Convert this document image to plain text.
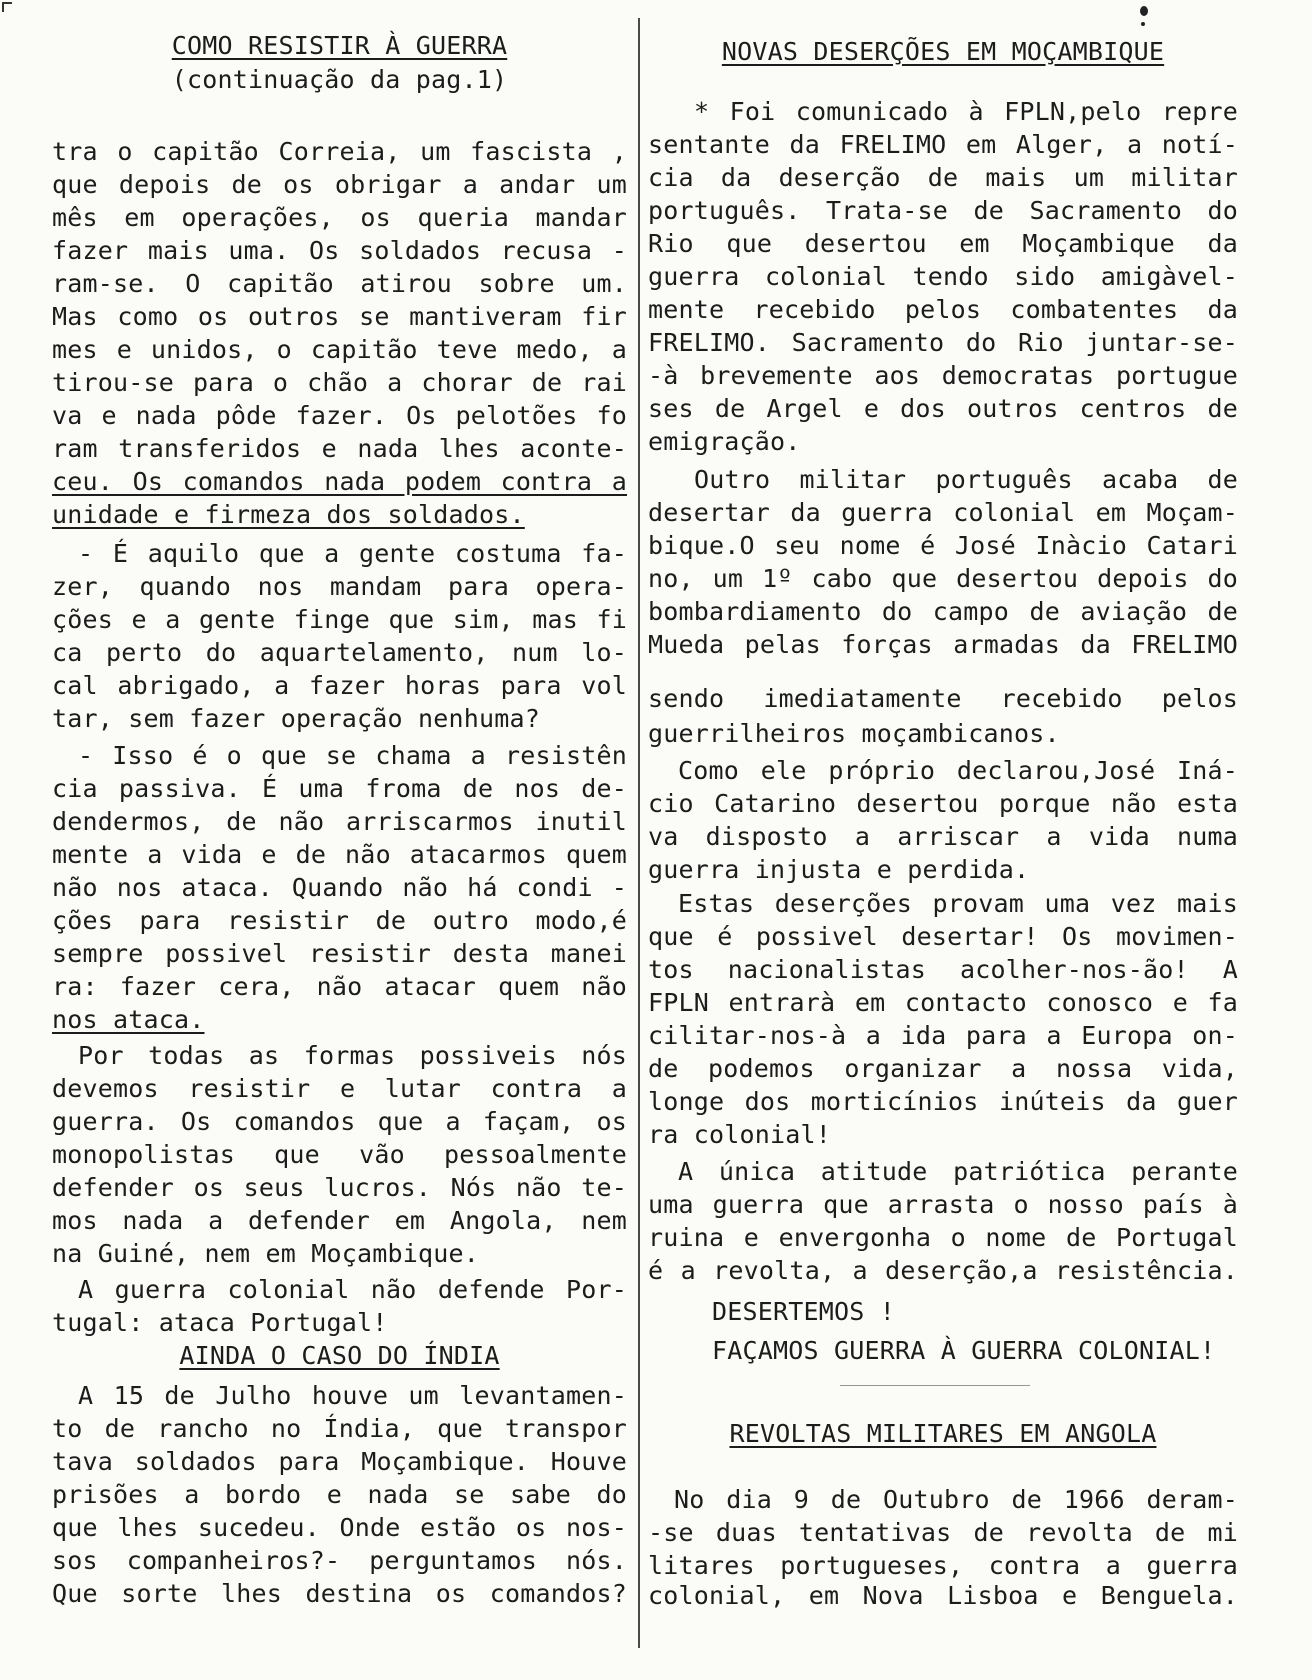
COMO RESISTIR À GUERRA
(continuação da pag.1)
tra o capitão Correia, um fascista ,
que depois de os obrigar a andar um
mês em operações, os queria mandar
fazer mais uma. Os soldados recusa -
ram-se. O capitão atirou sobre um.
Mas como os outros se mantiveram fir
mes e unidos, o capitão teve medo, a
tirou-se para o chão a chorar de rai
va e nada pôde fazer. Os pelotões fo
ram transferidos e nada lhes aconte-
ceu. Os comandos nada podem contra a
unidade e firmeza dos soldados.
- É aquilo que a gente costuma fa-
zer, quando nos mandam para opera-
ções e a gente finge que sim, mas fi
ca perto do aquartelamento, num lo-
cal abrigado, a fazer horas para vol
tar, sem fazer operação nenhuma?
- Isso é o que se chama a resistên
cia passiva. É uma froma de nos de-
dendermos, de não arriscarmos inutil
mente a vida e de não atacarmos quem
não nos ataca. Quando não há condi -
ções para resistir de outro modo,é
sempre possivel resistir desta manei
ra: fazer cera, não atacar quem não
nos ataca.
Por todas as formas possiveis nós
devemos resistir e lutar contra a
guerra. Os comandos que a façam, os
monopolistas que vão pessoalmente
defender os seus lucros. Nós não te-
mos nada a defender em Angola, nem
na Guiné, nem em Moçambique.
A guerra colonial não defende Por-
tugal: ataca Portugal!
AINDA O CASO DO ÍNDIA
A 15 de Julho houve um levantamen-
to de rancho no Índia, que transpor
tava soldados para Moçambique. Houve
prisões a bordo e nada se sabe do
que lhes sucedeu. Onde estão os nos-
sos companheiros?- perguntamos nós.
Que sorte lhes destina os comandos?
NOVAS DESERÇÕES EM MOÇAMBIQUE
* Foi comunicado à FPLN,pelo repre
sentante da FRELIMO em Alger, a notí-
cia da deserção de mais um militar
português. Trata-se de Sacramento do
Rio que desertou em Moçambique da
guerra colonial tendo sido amigàvel-
mente recebido pelos combatentes da
FRELIMO. Sacramento do Rio juntar-se-
-à brevemente aos democratas portugue
ses de Argel e dos outros centros de
emigração.
Outro militar português acaba de
desertar da guerra colonial em Moçam-
bique.O seu nome é José Inàcio Catari
no, um 1º cabo que desertou depois do
bombardiamento do campo de aviação de
Mueda pelas forças armadas da FRELIMO
sendo imediatamente recebido pelos
guerrilheiros moçambicanos.
Como ele próprio declarou,José Iná-
cio Catarino desertou porque não esta
va disposto a arriscar a vida numa
guerra injusta e perdida.
Estas deserções provam uma vez mais
que é possivel desertar! Os movimen-
tos nacionalistas acolher-nos-ão! A
FPLN entrarà em contacto conosco e fa
cilitar-nos-à a ida para a Europa on-
de podemos organizar a nossa vida,
longe dos morticínios inúteis da guer
ra colonial!
A única atitude patriótica perante
uma guerra que arrasta o nosso país à
ruina e envergonha o nome de Portugal
é a revolta, a deserção,a resistência.
DESERTEMOS !
FAÇAMOS GUERRA À GUERRA COLONIAL!
REVOLTAS MILITARES EM ANGOLA
No dia 9 de Outubro de 1966 deram-
-se duas tentativas de revolta de mi
litares portugueses, contra a guerra
colonial, em Nova Lisboa e Benguela.
